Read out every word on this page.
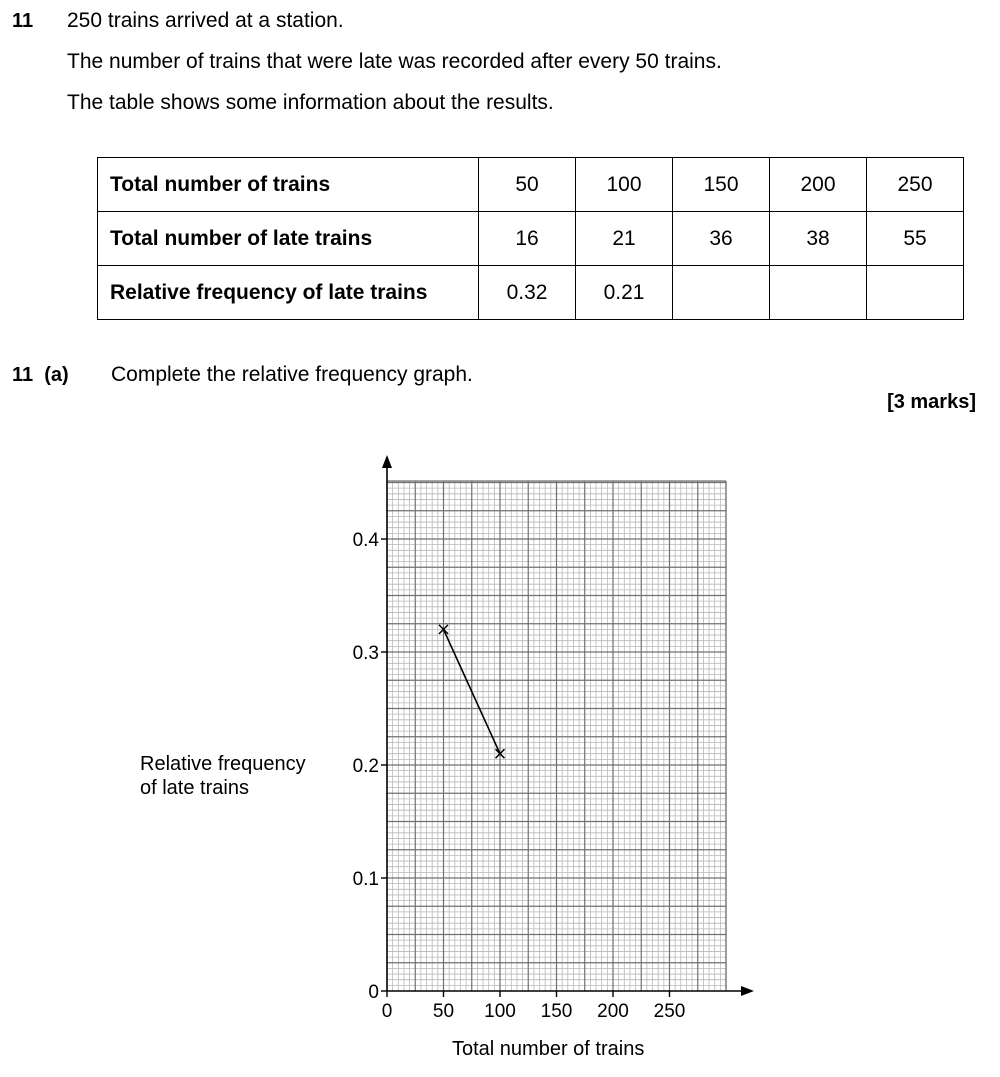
11 250 trains arrived at a station.
The number of trains that were late was recorded after every 50 trains.
The table shows some information about the results.
Total number of trains	50	100	150	200	250
Total number of late trains	16	21	36	38	55
Relative frequency of late trains	0.32	0.21			
11  (a) Complete the relative frequency graph.
[3 marks]
Relative frequency
of late trains
Total number of trains
0
0.1
0.2
0.3
0.4
0 50 100 150 200 250
